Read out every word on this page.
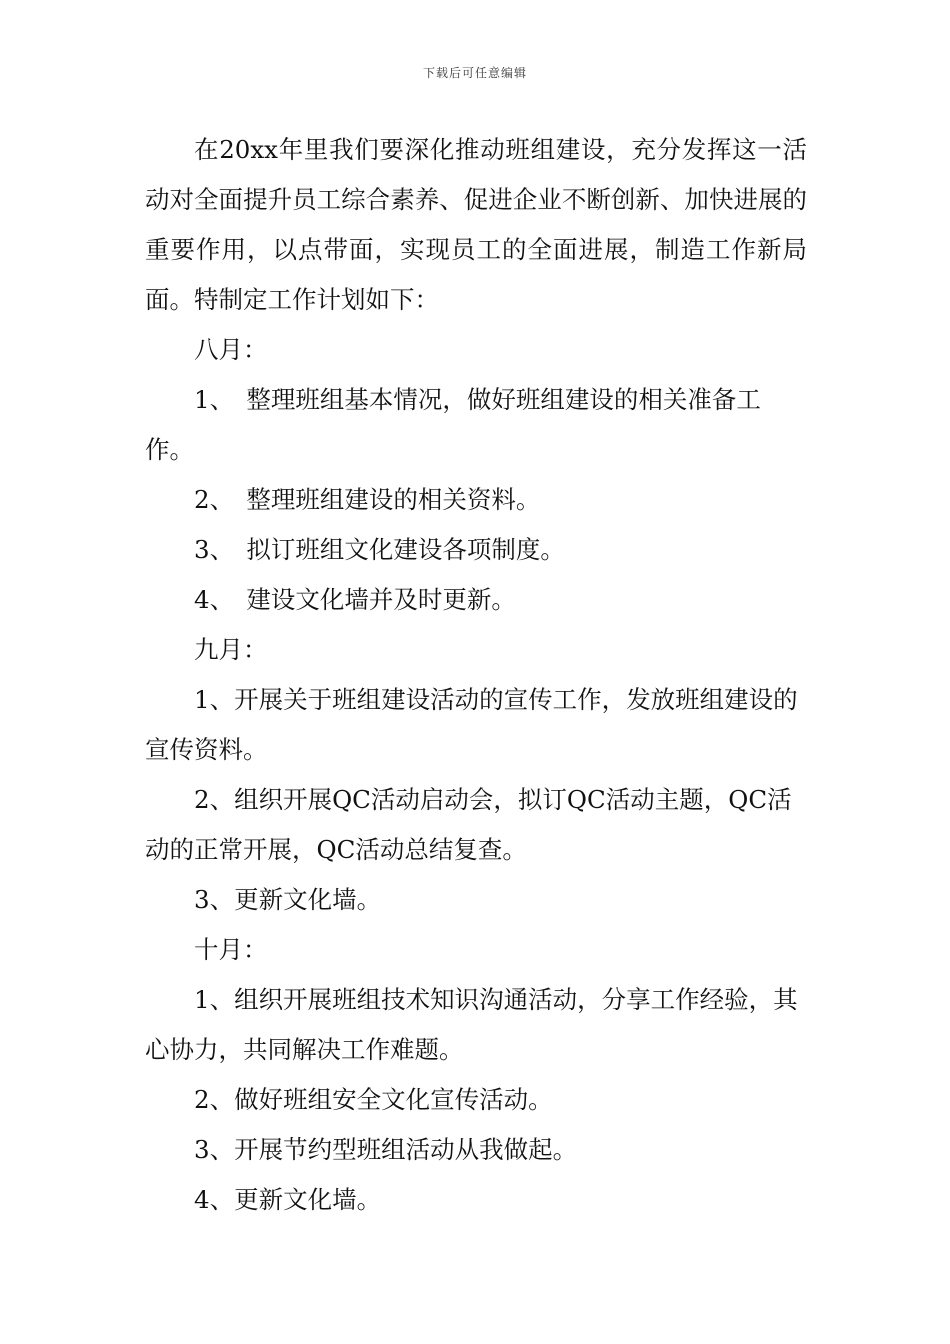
下载后可任意编辑

在20xx年里我们要深化推动班组建设，充分发挥这一活动对全面提升员工综合素养、促进企业不断创新、加快进展的重要作用，以点带面，实现员工的全面进展，制造工作新局面。特制定工作计划如下：

八月：

1、　整理班组基本情况，做好班组建设的相关准备工作。

2、　整理班组建设的相关资料。

3、　拟订班组文化建设各项制度。

4、　建设文化墙并及时更新。

九月：

1、开展关于班组建设活动的宣传工作，发放班组建设的宣传资料。

2、组织开展QC活动启动会，拟订QC活动主题，QC活动的正常开展，QC活动总结复查。

3、更新文化墙。

十月：

1、组织开展班组技术知识沟通活动，分享工作经验，其心协力，共同解决工作难题。

2、做好班组安全文化宣传活动。

3、开展节约型班组活动从我做起。

4、更新文化墙。
